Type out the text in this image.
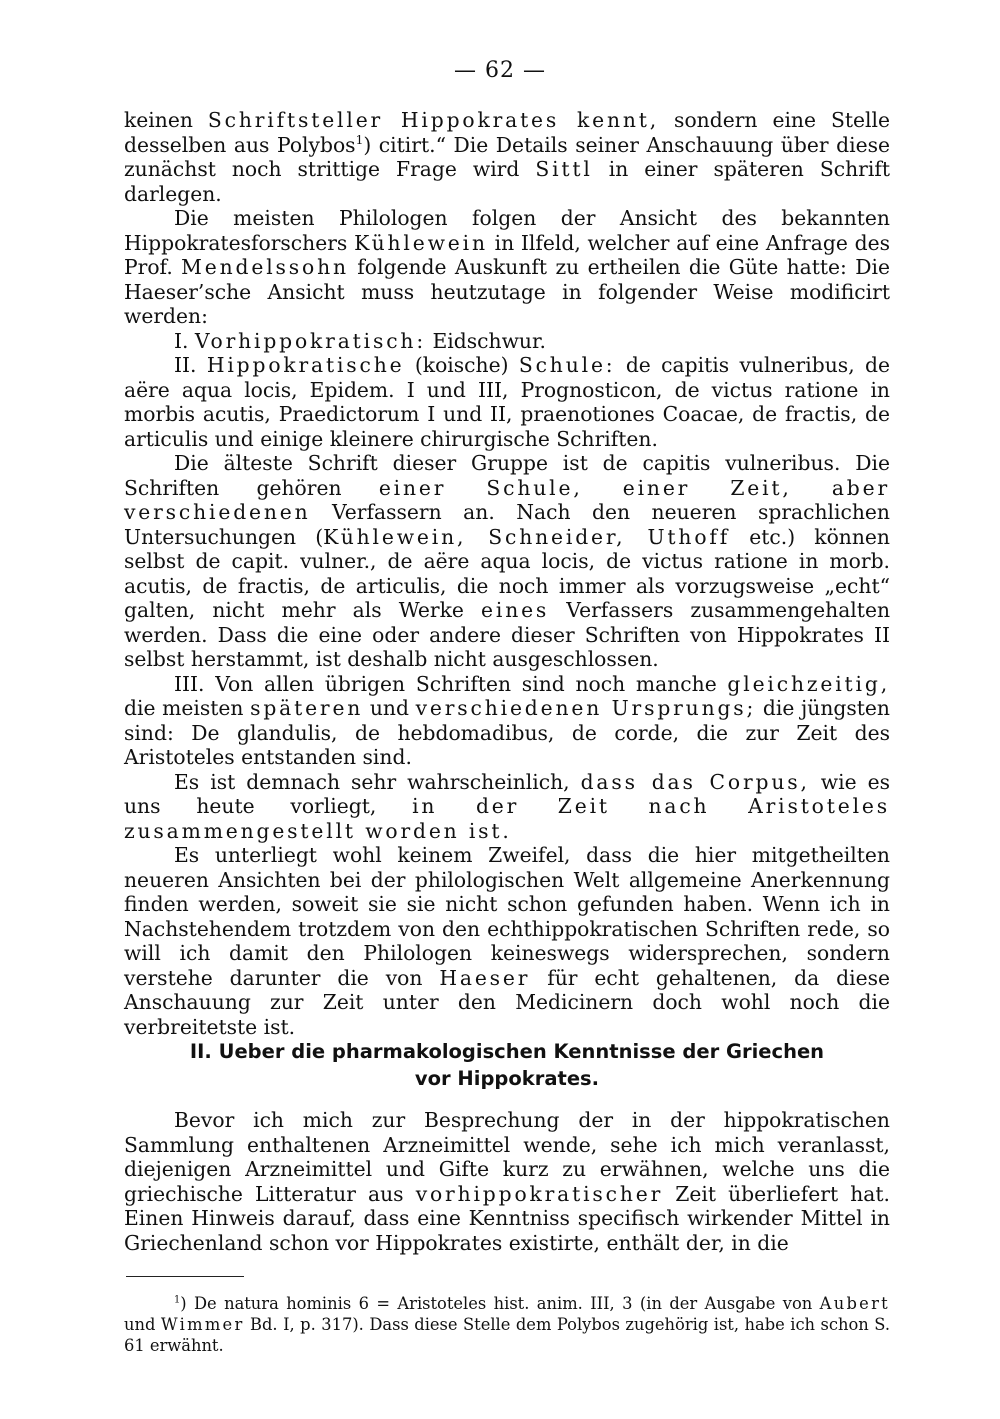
— 62 —

keinen Schriftsteller Hippokrates kennt, sondern eine Stelle desselben aus Polybos$^1$) citirt.“ Die Details seiner Anschauung über diese zunächst noch strittige Frage wird Sittl in einer späteren Schrift darlegen.

Die meisten Philologen folgen der Ansicht des bekannten Hippokratesforschers Kühlewein in Ilfeld, welcher auf eine Anfrage des Prof. Mendelssohn folgende Auskunft zu ertheilen die Güte hatte: Die Haeser’sche Ansicht muss heutzutage in folgender Weise modificirt werden:

I. Vorhippokratisch: Eidschwur.

II. Hippokratische (koische) Schule: de capitis vulneribus, de aëre aqua locis, Epidem. I und III, Prognosticon, de victus ratione in morbis acutis, Praedictorum I und II, praenotiones Coacae, de fractis, de articulis und einige kleinere chirurgische Schriften.

Die älteste Schrift dieser Gruppe ist de capitis vulneribus. Die Schriften gehören einer Schule, einer Zeit, aber verschiedenen Verfassern an. Nach den neueren sprachlichen Untersuchungen (Kühlewein, Schneider, Uthoff etc.) können selbst de capit. vulner., de aëre aqua locis, de victus ratione in morb. acutis, de fractis, de articulis, die noch immer als vorzugsweise „echt“ galten, nicht mehr als Werke eines Verfassers zusammengehalten werden. Dass die eine oder andere dieser Schriften von Hippokrates II selbst herstammt, ist deshalb nicht ausgeschlossen.

III. Von allen übrigen Schriften sind noch manche gleichzeitig, die meisten späteren und verschiedenen Ursprungs; die jüngsten sind: De glandulis, de hebdomadibus, de corde, die zur Zeit des Aristoteles entstanden sind.

Es ist demnach sehr wahrscheinlich, dass das Corpus, wie es uns heute vorliegt, in der Zeit nach Aristoteles zusammengestellt worden ist.

Es unterliegt wohl keinem Zweifel, dass die hier mitgetheilten neueren Ansichten bei der philologischen Welt allgemeine Anerkennung finden werden, soweit sie sie nicht schon gefunden haben. Wenn ich in Nachstehendem trotzdem von den echthippokratischen Schriften rede, so will ich damit den Philologen keineswegs widersprechen, sondern verstehe darunter die von Haeser für echt gehaltenen, da diese Anschauung zur Zeit unter den Medicinern doch wohl noch die verbreitetste ist.

II. Ueber die pharmakologischen Kenntnisse der Griechen
vor Hippokrates.

Bevor ich mich zur Besprechung der in der hippokratischen Sammlung enthaltenen Arzneimittel wende, sehe ich mich veranlasst, diejenigen Arzneimittel und Gifte kurz zu erwähnen, welche uns die griechische Litteratur aus vorhippokratischer Zeit überliefert hat. Einen Hinweis darauf, dass eine Kenntniss specifisch wirkender Mittel in Griechenland schon vor Hippokrates existirte, enthält der, in die

$^1$) De natura hominis 6 = Aristoteles hist. anim. III, 3 (in der Ausgabe von Aubert und Wimmer Bd. I, p. 317). Dass diese Stelle dem Polybos zugehörig ist, habe ich schon S. 61 erwähnt.
